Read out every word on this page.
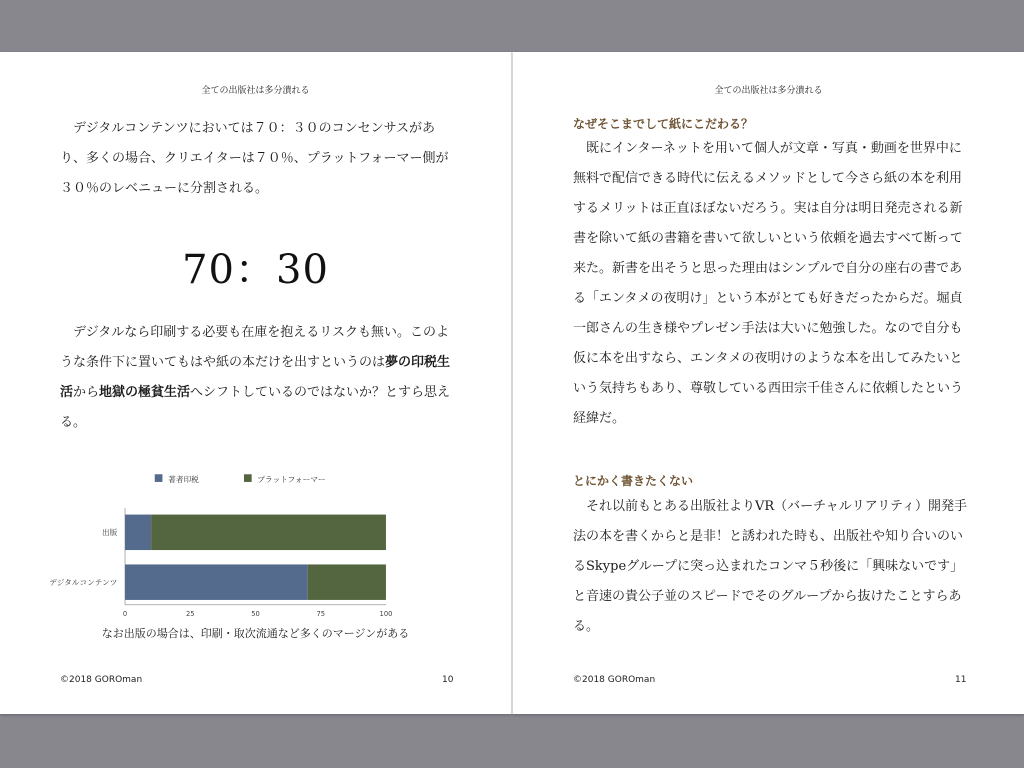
全ての出版社は多分潰れる

デジタルコンテンツにおいては７０：３０のコンセンサスがあり、多くの場合、クリエイターは７０％、プラットフォーマー側が３０％のレベニューに分割される。

70：30

デジタルなら印刷する必要も在庫を抱えるリスクも無い。このような条件下に置いてもはや紙の本だけを出すというのは夢の印税生活から地獄の極貧生活へシフトしているのではないか？とすら思える。

著者印税	プラットフォーマー
出版
デジタルコンテンツ
0	25	50	75	100
なお出版の場合は、印刷・取次流通など多くのマージンがある
©2018 GOROman	10
全ての出版社は多分潰れる
なぜそこまでして紙にこだわる？

既にインターネットを用いて個人が文章・写真・動画を世界中に無料で配信できる時代に伝えるメソッドとして今さら紙の本を利用するメリットは正直ほぼないだろう。実は自分は明日発売される新書を除いて紙の書籍を書いて欲しいという依頼を過去すべて断って来た。新書を出そうと思った理由はシンプルで自分の座右の書である「エンタメの夜明け」という本がとても好きだったからだ。堀貞一郎さんの生き様やプレゼン手法は大いに勉強した。なので自分も仮に本を出すなら、エンタメの夜明けのような本を出してみたいという気持ちもあり、尊敬している西田宗千佳さんに依頼したという経緯だ。

とにかく書きたくない

それ以前もとある出版社よりVR（バーチャルリアリティ）開発手法の本を書くからと是非！と誘われた時も、出版社や知り合いのいるSkypeグループに突っ込まれたコンマ５秒後に「興味ないです」と音速の貴公子並のスピードでそのグループから抜けたことすらある。

©2018 GOROman	11
